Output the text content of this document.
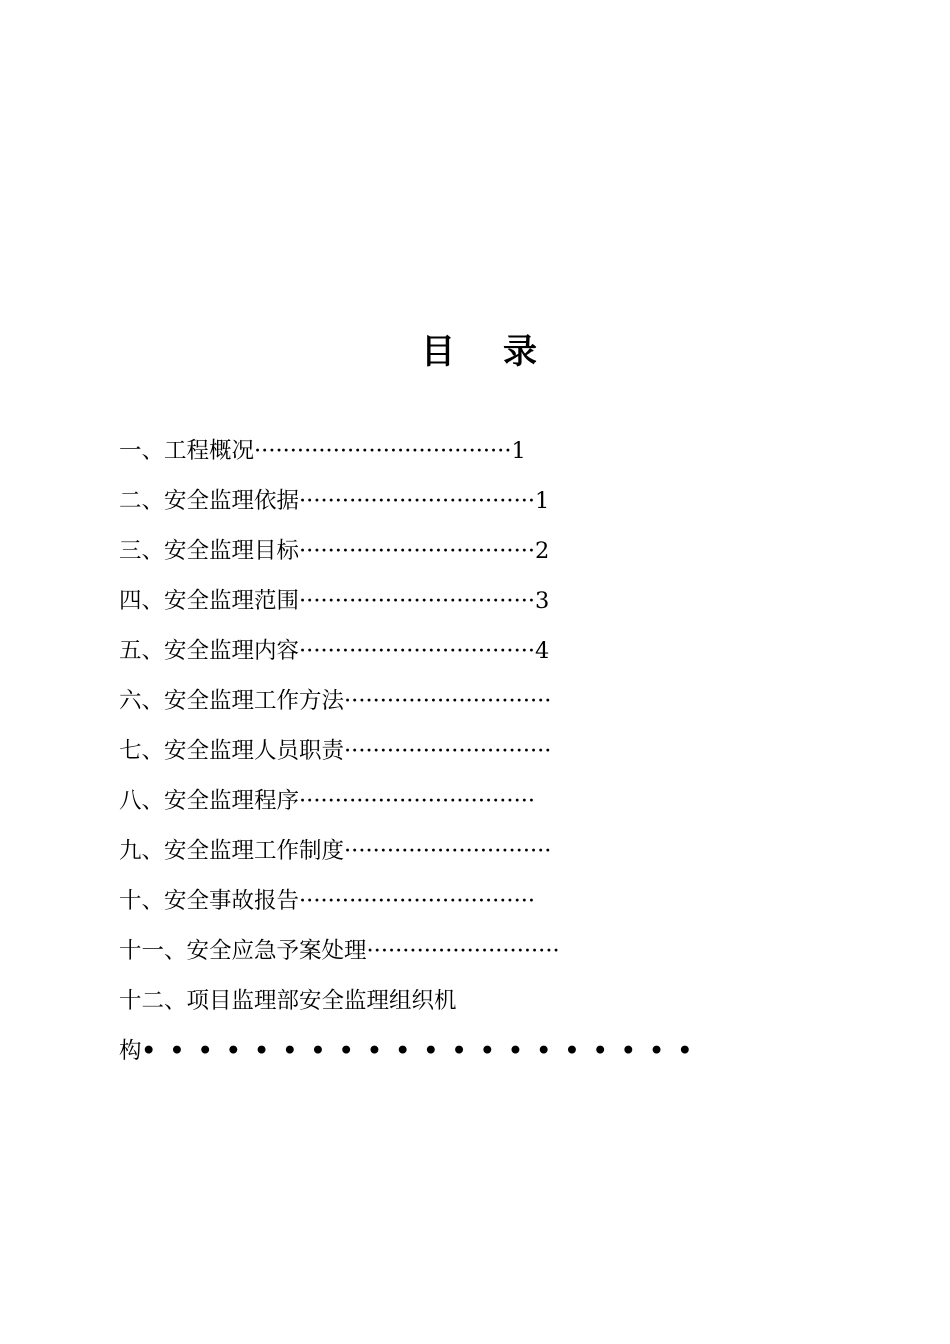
目 录
一、工程概况····································1
二、安全监理依据·································1
三、安全监理目标·································2
四、安全监理范围·································3
五、安全监理内容·································4
六、安全监理工作方法·····························
七、安全监理人员职责·····························
八、安全监理程序·································
九、安全监理工作制度·····························
十、安全事故报告·································
十一、安全应急予案处理···························
十二、项目监理部安全监理组织机
构• • • • • • • • • • • • • • • • • • • •
